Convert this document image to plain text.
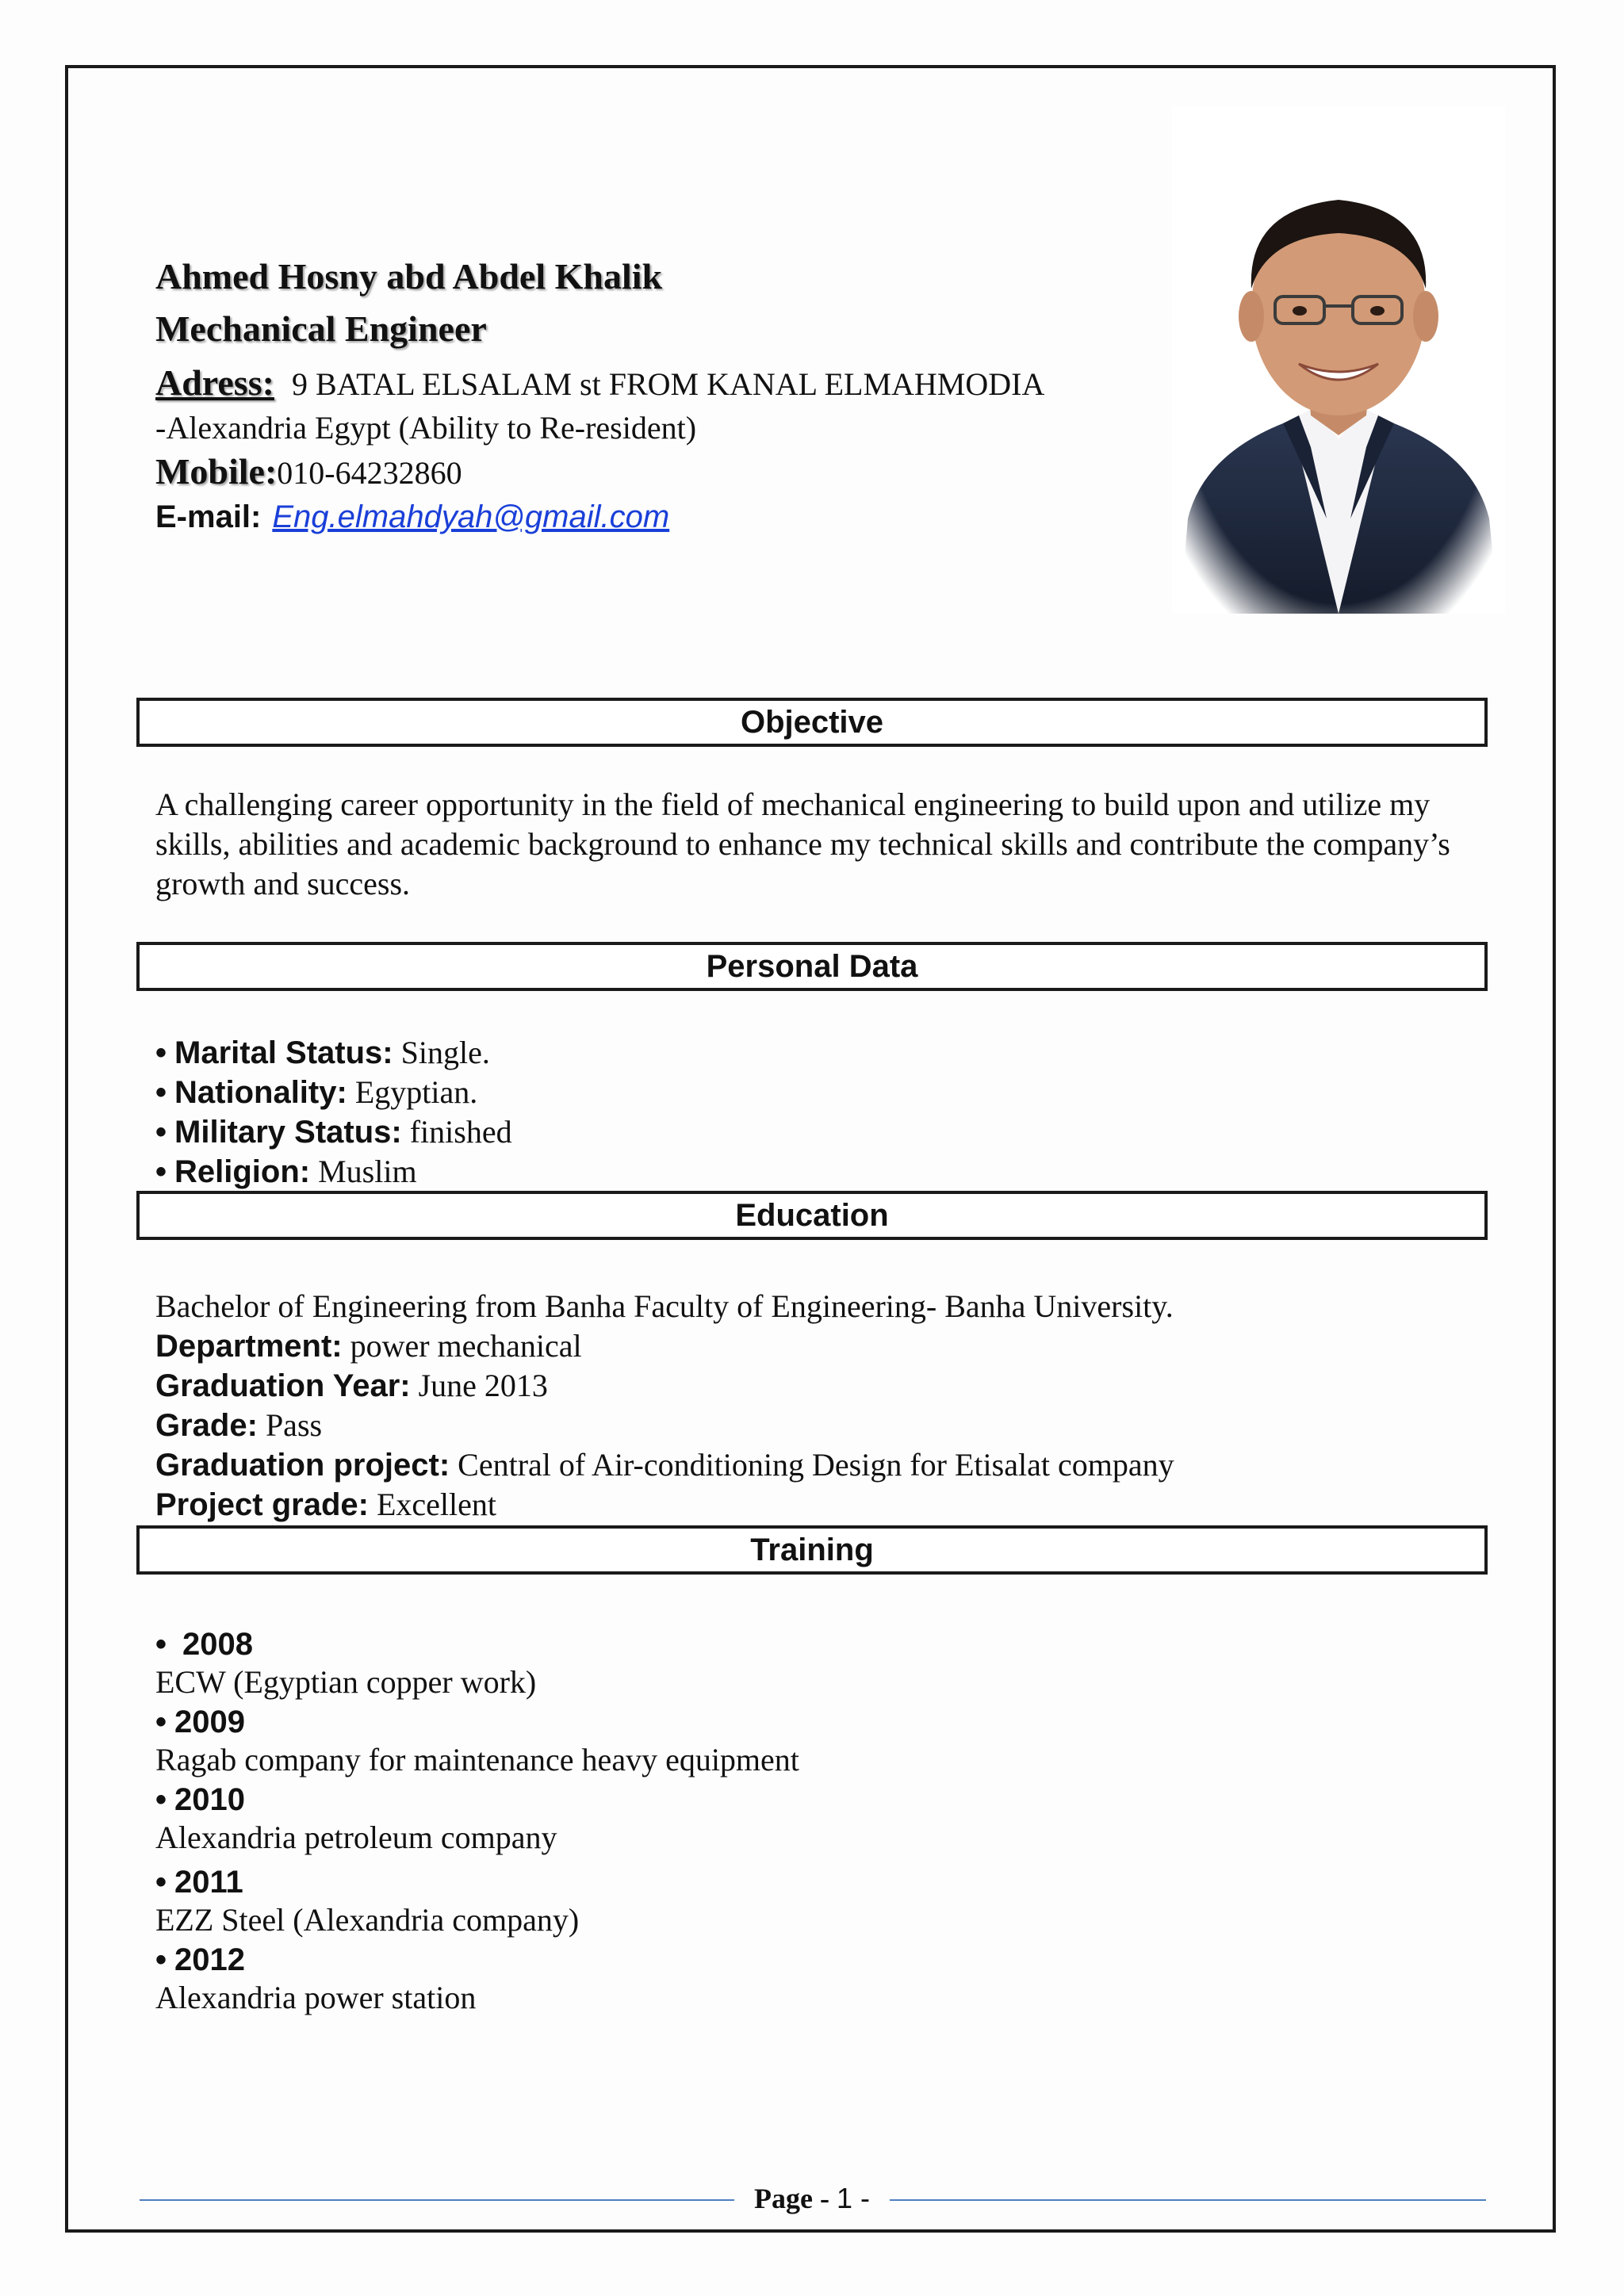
Ahmed Hosny abd Abdel Khalik
Mechanical Engineer
Adress: 9 BATAL ELSALAM st FROM KANAL ELMAHMODIA
-Alexandria Egypt (Ability to Re-resident)
Mobile:010-64232860
E-mail: Eng.elmahdyah@gmail.com
Objective
A challenging career opportunity in the field of mechanical engineering to build upon and utilize my skills, abilities and academic background to enhance my technical skills and contribute the company’s growth and success.
Personal Data
• Marital Status: Single.
• Nationality: Egyptian.
• Military Status: finished
• Religion: Muslim
Education
Bachelor of Engineering from Banha Faculty of Engineering- Banha University.
Department: power mechanical
Graduation Year: June 2013
Grade: Pass
Graduation project: Central of Air-conditioning Design for Etisalat company
Project grade: Excellent
Training
• 2008
ECW (Egyptian copper work)
• 2009
Ragab company for maintenance heavy equipment
• 2010
Alexandria petroleum company
• 2011
EZZ Steel (Alexandria company)
• 2012
Alexandria power station
Page - 1 -
